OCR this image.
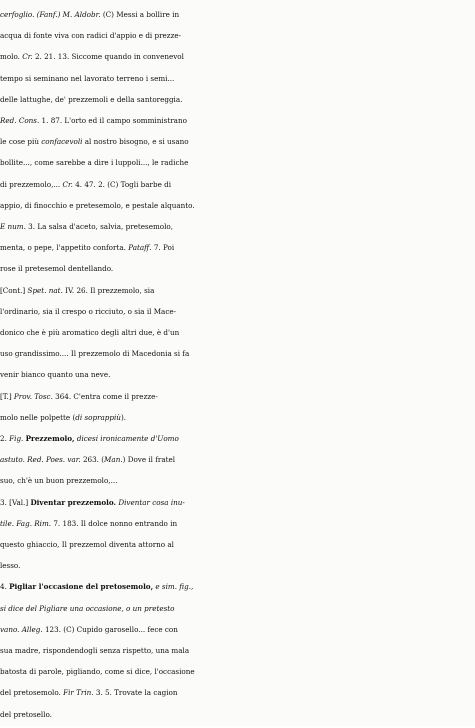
cerfoglio. (Fanf.) M. Aldobr. (C) Messi a bollire in
acqua di fonte viva con radici d'appio e di prezze-
molo. Cr. 2. 21. 13. Siccome quando in convenevol
tempo si seminano nel lavorato terreno i semi...
delle lattughe, de' prezzemoli e della santoreggia.
Red. Cons. 1. 87. L'orto ed il campo somministrano
le cose più confacevoli al nostro bisogno, e si usano
bollite..., come sarebbe a dire i luppoli..., le radiche
di prezzemolo,... Cr. 4. 47. 2. (C) Togli barbe di
appio, di finocchio e pretesemolo, e pestale alquanto.
E num. 3. La salsa d'aceto, salvia, pretesemolo,
menta, o pepe, l'appetito conforta. Pataff. 7. Poi
rose il pretesemol dentellando.
[Cont.] Spet. nat. IV. 26. Il prezzemolo, sia
l'ordinario, sia il crespo o ricciuto, o sia il Mace-
donico che è più aromatico degli altri due, è d'un
uso grandissimo.... Il prezzemolo di Macedonia si fa
venir bianco quanto una neve.
[T.] Prov. Tosc. 364. C'entra come il prezze-
molo nelle polpette (di soprappiù).
2. Fig. Prezzemolo, dicesi ironicamente d'Uomo
astuto. Red. Poes. var. 263. (Man.) Dove il fratel
suo, ch'è un buon prezzemolo,...
3. [Val.] Diventar prezzemolo. Diventar cosa inu-
tile. Fag. Rim. 7. 183. Il dolce nonno entrando in
questo ghiaccio, Il prezzemol diventa attorno al
lesso.
4. Pigliar l'occasione del pretosemolo, e sim. fig.,
si dice del Pigliare una occasione, o un pretesto
vano. Alleg. 123. (C) Cupido garosello... fece con
sua madre, rispondendogli senza rispetto, una mala
batosta di parole, pigliando, come si dice, l'occasione
del pretosemolo. Fir Trin. 3. 5. Trovate la cagion
del pretosello.
